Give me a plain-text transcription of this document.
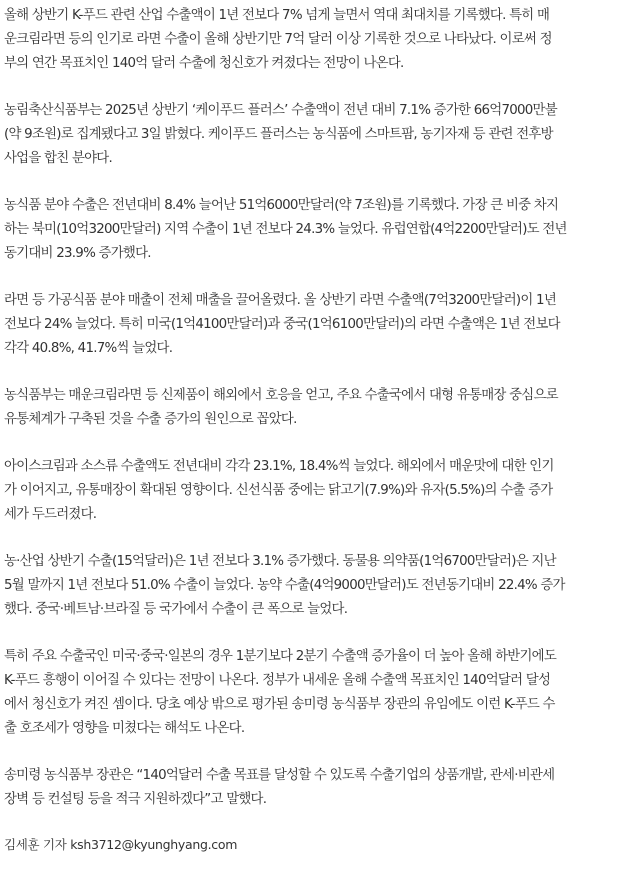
올해 상반기 K-푸드 관련 산업 수출액이 1년 전보다 7% 넘게 늘면서 역대 최대치를 기록했다. 특히 매
운크림라면 등의 인기로 라면 수출이 올해 상반기만 7억 달러 이상 기록한 것으로 나타났다. 이로써 정
부의 연간 목표치인 140억 달러 수출에 청신호가 켜졌다는 전망이 나온다.

농림축산식품부는 2025년 상반기 ‘케이푸드 플러스’ 수출액이 전년 대비 7.1% 증가한 66억7000만불
(약 9조원)로 집계됐다고 3일 밝혔다. 케이푸드 플러스는 농식품에 스마트팜, 농기자재 등 관련 전후방
사업을 합친 분야다.

농식품 분야 수출은 전년대비 8.4% 늘어난 51억6000만달러(약 7조원)를 기록했다. 가장 큰 비중 차지
하는 북미(10억3200만달러) 지역 수출이 1년 전보다 24.3% 늘었다. 유럽연합(4억2200만달러)도 전년
동기대비 23.9% 증가했다.

라면 등 가공식품 분야 매출이 전체 매출을 끌어올렸다. 올 상반기 라면 수출액(7억3200만달러)이 1년
전보다 24% 늘었다. 특히 미국(1억4100만달러)과 중국(1억6100만달러)의 라면 수출액은 1년 전보다
각각 40.8%, 41.7%씩 늘었다.

농식품부는 매운크림라면 등 신제품이 해외에서 호응을 얻고, 주요 수출국에서 대형 유통매장 중심으로
유통체계가 구축된 것을 수출 증가의 원인으로 꼽았다.

아이스크림과 소스류 수출액도 전년대비 각각 23.1%, 18.4%씩 늘었다. 해외에서 매운맛에 대한 인기
가 이어지고, 유통매장이 확대된 영향이다. 신선식품 중에는 닭고기(7.9%)와 유자(5.5%)의 수출 증가
세가 두드러졌다.

농·산업 상반기 수출(15억달러)은 1년 전보다 3.1% 증가했다. 동물용 의약품(1억6700만달러)은 지난
5월 말까지 1년 전보다 51.0% 수출이 늘었다. 농약 수출(4억9000만달러)도 전년동기대비 22.4% 증가
했다. 중국·베트남·브라질 등 국가에서 수출이 큰 폭으로 늘었다.

특히 주요 수출국인 미국·중국·일본의 경우 1분기보다 2분기 수출액 증가율이 더 높아 올해 하반기에도
K-푸드 흥행이 이어질 수 있다는 전망이 나온다. 정부가 내세운 올해 수출액 목표치인 140억달러 달성
에서 청신호가 켜진 셈이다. 당초 예상 밖으로 평가된 송미령 농식품부 장관의 유임에도 이런 K-푸드 수
출 호조세가 영향을 미쳤다는 해석도 나온다.

송미령 농식품부 장관은 “140억달러 수출 목표를 달성할 수 있도록 수출기업의 상품개발, 관세·비관세
장벽 등 컨설팅 등을 적극 지원하겠다”고 말했다.

김세훈 기자 ksh3712@kyunghyang.com
